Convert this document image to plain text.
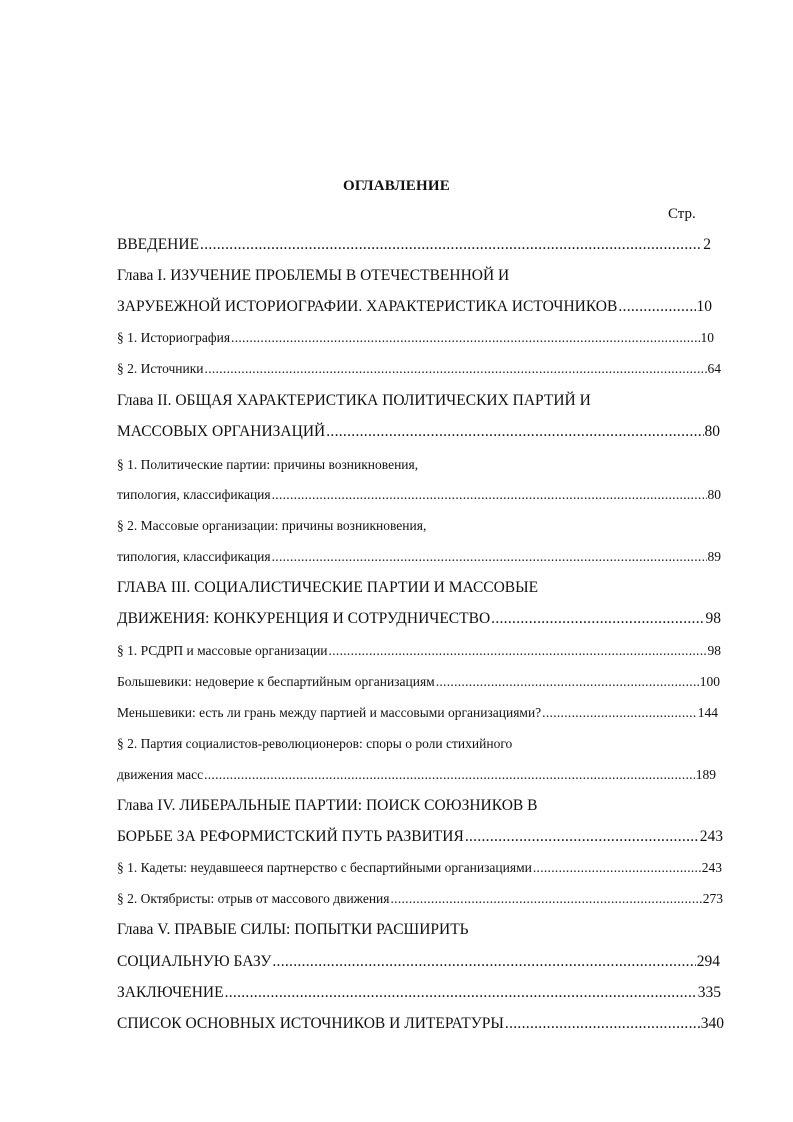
ОГЛАВЛЕНИЕ
Стр.
ВВЕДЕНИЕ .....	2
Глава I. ИЗУЧЕНИЕ ПРОБЛЕМЫ В ОТЕЧЕСТВЕННОЙ И
ЗАРУБЕЖНОЙ ИСТОРИОГРАФИИ. ХАРАКТЕРИСТИКА ИСТОЧНИКОВ .....	10
§ 1. Историография .....	10
§ 2. Источники .....	64
Глава II. ОБЩАЯ ХАРАКТЕРИСТИКА ПОЛИТИЧЕСКИХ ПАРТИЙ И
МАССОВЫХ ОРГАНИЗАЦИЙ .....	80
§ 1. Политические партии: причины возникновения,
типология, классификация .....	80
§ 2. Массовые организации: причины возникновения,
типология, классификация .....	89
ГЛАВА III. СОЦИАЛИСТИЧЕСКИЕ ПАРТИИ И МАССОВЫЕ
ДВИЖЕНИЯ: КОНКУРЕНЦИЯ И СОТРУДНИЧЕСТВО .....	98
§ 1. РСДРП и массовые организации .....	98
Большевики: недоверие к беспартийным организациям .....	100
Меньшевики: есть ли грань между партией и массовыми организациями? .....	144
§ 2. Партия социалистов-революционеров: споры о роли стихийного
движения масс .....	189
Глава IV. ЛИБЕРАЛЬНЫЕ ПАРТИИ: ПОИСК СОЮЗНИКОВ В
БОРЬБЕ ЗА РЕФОРМИСТСКИЙ ПУТЬ РАЗВИТИЯ .....	243
§ 1. Кадеты: неудавшееся партнерство с беспартийными организациями .....	243
§ 2. Октябристы: отрыв от массового движения .....	273
Глава V. ПРАВЫЕ СИЛЫ: ПОПЫТКИ РАСШИРИТЬ
СОЦИАЛЬНУЮ БАЗУ .....	294
ЗАКЛЮЧЕНИЕ .....	335
СПИСОК ОСНОВНЫХ ИСТОЧНИКОВ И ЛИТЕРАТУРЫ .....	340
